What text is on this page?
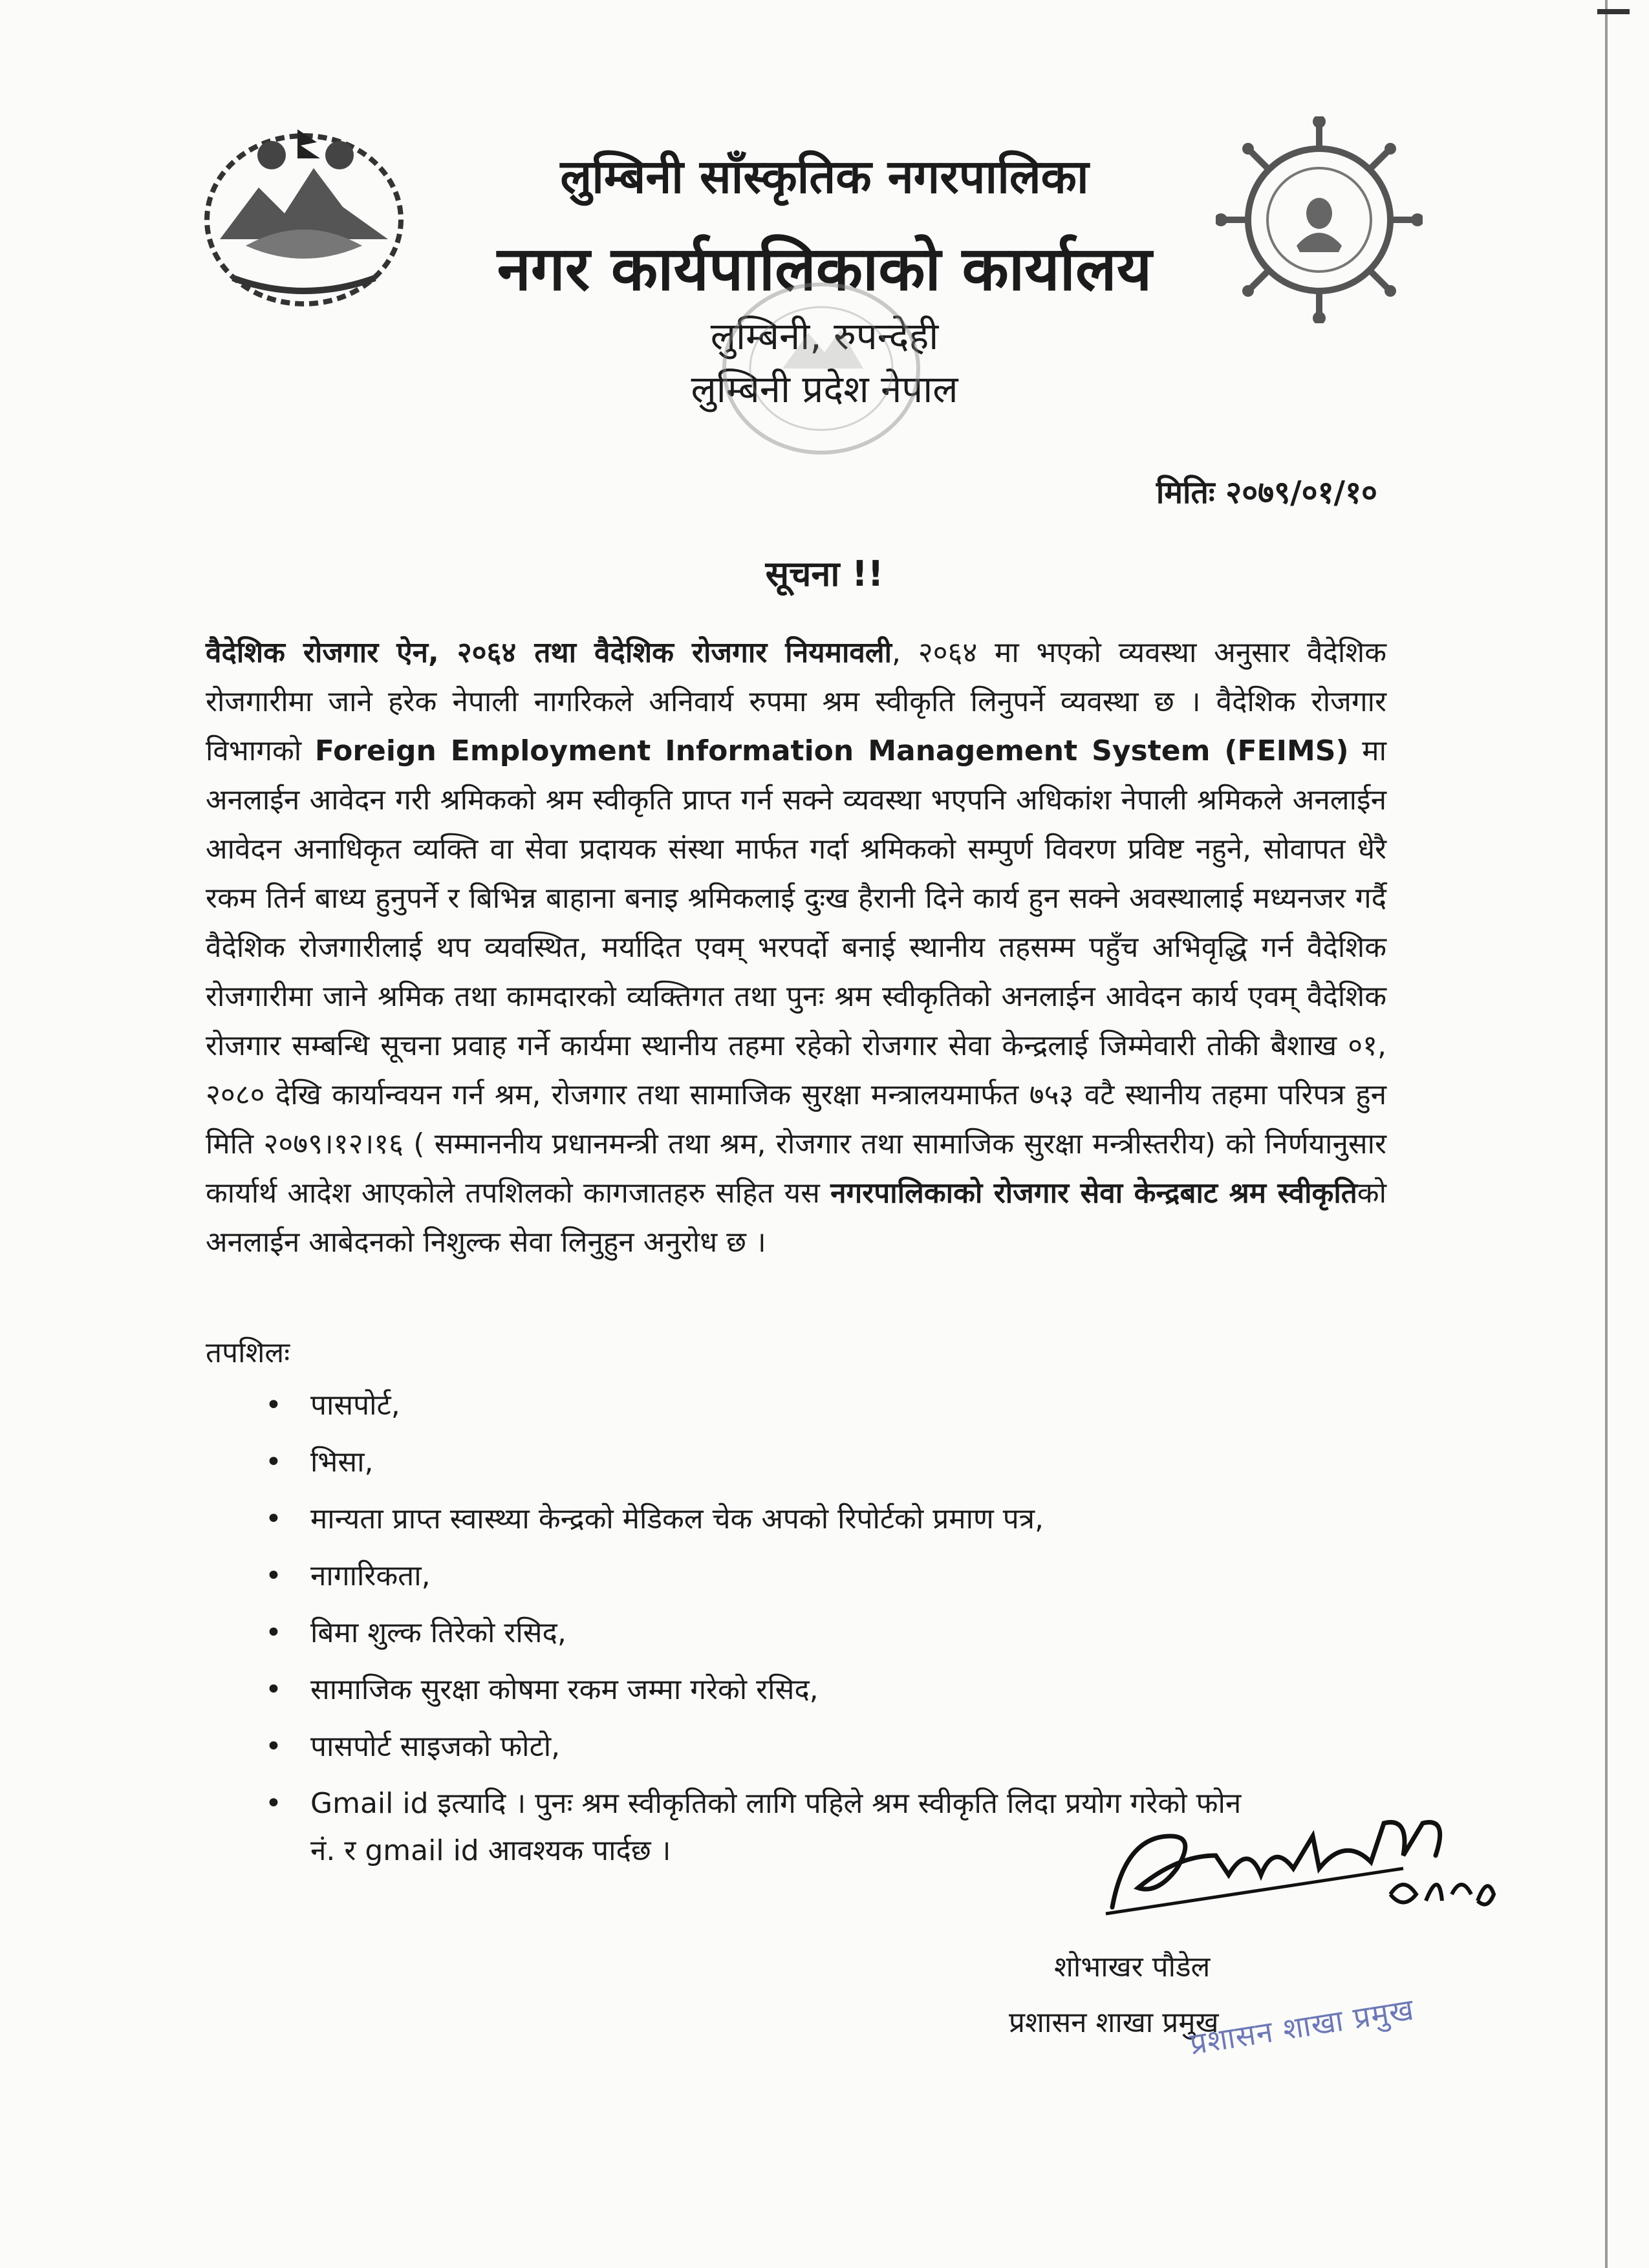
लुम्बिनी साँस्कृतिक नगरपालिका
नगर कार्यपालिकाको कार्यालय
लुम्बिनी, रुपन्देही
लुम्बिनी प्रदेश नेपाल
मितिः २०७९/०१/१०
सूचना !!
वैदेशिक रोजगार ऐन, २०६४ तथा वैदेशिक रोजगार नियमावली, २०६४ मा भएको व्यवस्था अनुसार वैदेशिक रोजगारीमा जाने हरेक नेपाली नागरिकले अनिवार्य रुपमा श्रम स्वीकृति लिनुपर्ने व्यवस्था छ । वैदेशिक रोजगार विभागको Foreign Employment Information Management System (FEIMS) मा अनलाईन आवेदन गरी श्रमिकको श्रम स्वीकृति प्राप्त गर्न सक्ने व्यवस्था भएपनि अधिकांश नेपाली श्रमिकले अनलाईन आवेदन अनाधिकृत व्यक्ति वा सेवा प्रदायक संस्था मार्फत गर्दा श्रमिकको सम्पुर्ण विवरण प्रविष्ट नहुने, सोवापत धेरै रकम तिर्न बाध्य हुनुपर्ने र बिभिन्न बाहाना बनाइ श्रमिकलाई दुःख हैरानी दिने कार्य हुन सक्ने अवस्थालाई मध्यनजर गर्दै वैदेशिक रोजगारीलाई थप व्यवस्थित, मर्यादित एवम् भरपर्दो बनाई स्थानीय तहसम्म पहुँच अभिवृद्धि गर्न वैदेशिक रोजगारीमा जाने श्रमिक तथा कामदारको व्यक्तिगत तथा पुनः श्रम स्वीकृतिको अनलाईन आवेदन कार्य एवम् वैदेशिक रोजगार सम्बन्धि सूचना प्रवाह गर्ने कार्यमा स्थानीय तहमा रहेको रोजगार सेवा केन्द्रलाई जिम्मेवारी तोकी बैशाख ०१, २०८० देखि कार्यान्वयन गर्न श्रम, रोजगार तथा सामाजिक सुरक्षा मन्त्रालयमार्फत ७५३ वटै स्थानीय तहमा परिपत्र हुन मिति २०७९।१२।१६ ( सम्माननीय प्रधानमन्त्री तथा श्रम, रोजगार तथा सामाजिक सुरक्षा मन्त्रीस्तरीय) को निर्णयानुसार कार्यार्थ आदेश आएकोले तपशिलको कागजातहरु सहित यस नगरपालिकाको रोजगार सेवा केन्द्रबाट श्रम स्वीकृतिको अनलाईन आबेदनको निशुल्क सेवा लिनुहुन अनुरोध छ ।
तपशिलः
• पासपोर्ट,
• भिसा,
• मान्यता प्राप्त स्वास्थ्या केन्द्रको मेडिकल चेक अपको रिपोर्टको प्रमाण पत्र,
• नागारिकता,
• बिमा शुल्क तिरेको रसिद,
• सामाजिक सुरक्षा कोषमा रकम जम्मा गरेको रसिद,
• पासपोर्ट साइजको फोटो,
• Gmail id इत्यादि । पुनः श्रम स्वीकृतिको लागि पहिले श्रम स्वीकृति लिदा प्रयोग गरेको फोन
नं. र gmail id आवश्यक पार्दछ ।
शोभाखर पौडेल
प्रशासन शाखा प्रमुख
प्रशासन शाखा प्रमुख
